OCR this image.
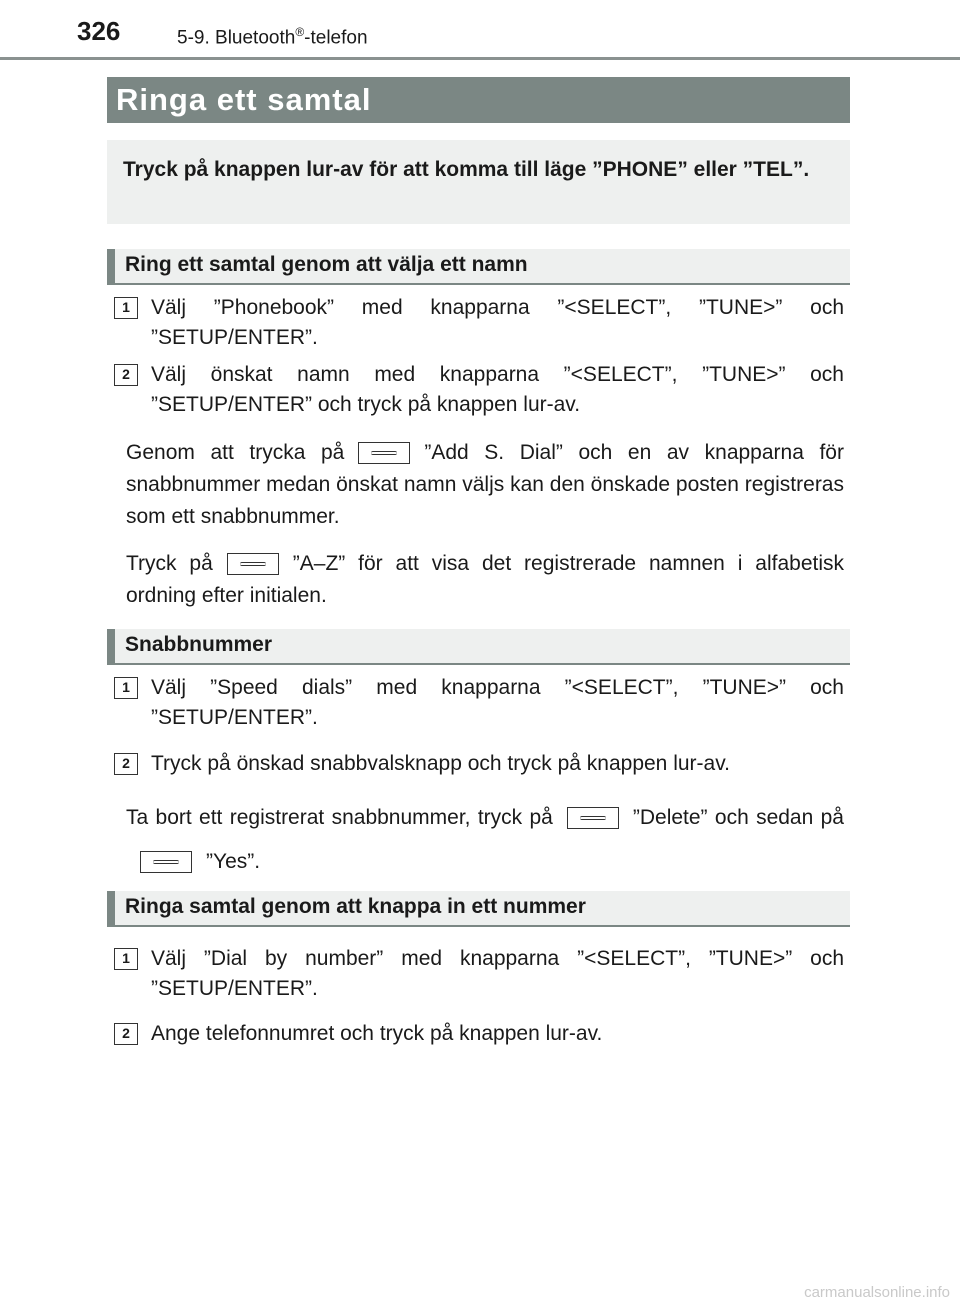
326	5-9. Bluetooth®-telefon
Ringa ett samtal
Tryck på knappen lur-av för att komma till läge ”PHONE” eller ”TEL”.
Ring ett samtal genom att välja ett namn
1	Välj ”Phonebook” med knapparna ”<SELECT”, ”TUNE>” och ”SETUP/ENTER”.
2	Välj önskat namn med knapparna ”<SELECT”, ”TUNE>” och ”SETUP/ENTER” och tryck på knappen lur-av.
Genom att trycka på	”Add S. Dial” och en av knapparna för snabbnummer medan önskat namn väljs kan den önskade posten registreras som ett snabbnummer.
Tryck på	”A–Z” för att visa det registrerade namnen i alfabetisk ordning efter initialen.
Snabbnummer
1	Välj ”Speed dials” med knapparna ”<SELECT”, ”TUNE>” och ”SETUP/ENTER”.
2	Tryck på önskad snabbvalsknapp och tryck på knappen lur-av.
Ta bort ett registrerat snabbnummer, tryck på	”Delete” och sedan på
”Yes”.
Ringa samtal genom att knappa in ett nummer
1	Välj ”Dial by number” med knapparna ”<SELECT”, ”TUNE>” och ”SETUP/ENTER”.
2	Ange telefonnumret och tryck på knappen lur-av.
carmanualsonline.info
